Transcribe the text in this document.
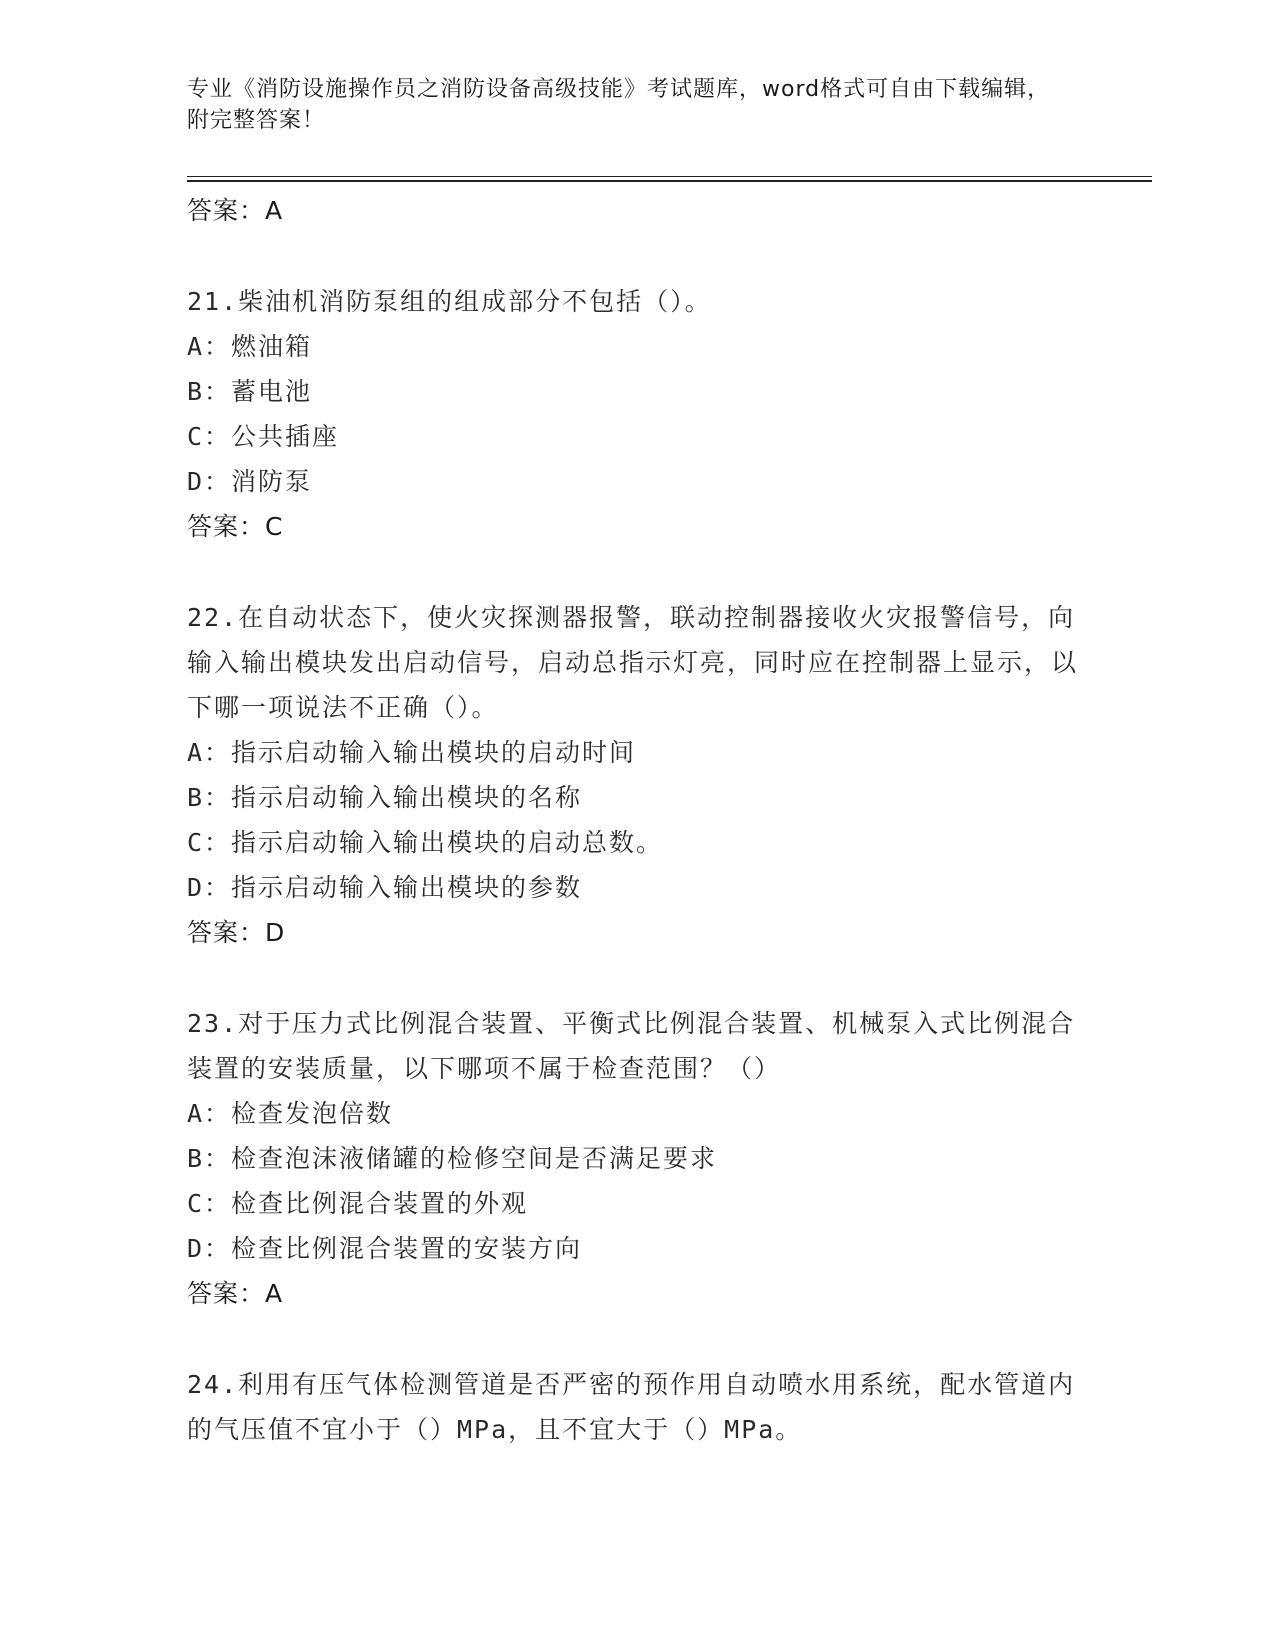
专业《消防设施操作员之消防设备高级技能》考试题库，word格式可自由下载编辑，附完整答案！
答案：A
21.柴油机消防泵组的组成部分不包括（）。
A：燃油箱
B：蓄电池
C：公共插座
D：消防泵
答案：C
22.在自动状态下，使火灾探测器报警，联动控制器接收火灾报警信号，向输入输出模块发出启动信号，启动总指示灯亮，同时应在控制器上显示，以下哪一项说法不正确（）。
A：指示启动输入输出模块的启动时间
B：指示启动输入输出模块的名称
C：指示启动输入输出模块的启动总数。
D：指示启动输入输出模块的参数
答案：D
23.对于压力式比例混合装置、平衡式比例混合装置、机械泵入式比例混合装置的安装质量，以下哪项不属于检查范围？（）
A：检查发泡倍数
B：检查泡沫液储罐的检修空间是否满足要求
C：检查比例混合装置的外观
D：检查比例混合装置的安装方向
答案：A
24.利用有压气体检测管道是否严密的预作用自动喷水用系统，配水管道内的气压值不宜小于（）MPa，且不宜大于（）MPa。
